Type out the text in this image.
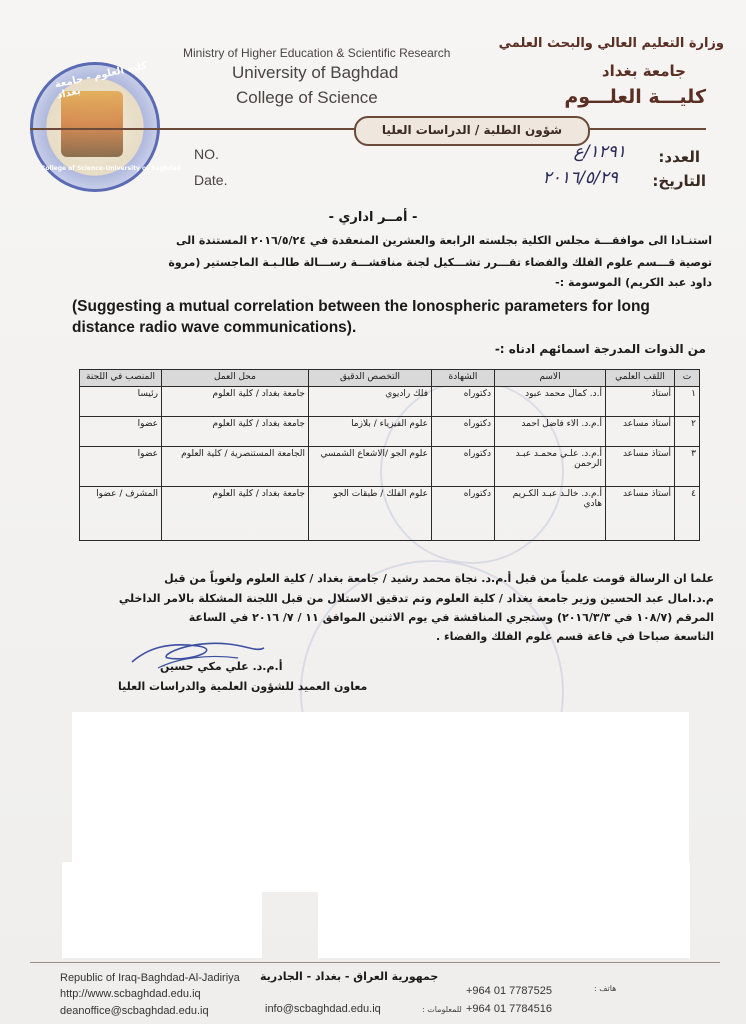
كلية العلوم - جامعة بغداد
College of Science-University of Baghdad
Ministry of Higher Education & Scientific Research
University of Baghdad
College of Science
وزارة التعليم العالي والبحث العلمي
جامعة بغداد
كليـــة العلـــوم
شؤون الطلبة / الدراسات العليا
NO.
Date.
العدد:
١٢٩١/ع
التاريخ:
٢٠١٦/٥/٢٩
- أمــر اداري -
استنـادا الى موافقـــة مجلس الكلية بجلسته الرابعة والعشرين المنعقدة في ٢٠١٦/٥/٢٤ المستندة الى
توصية قـــسم علوم الفلك والفضاء تقـــرر تشـــكيل لجنة مناقشـــة رســـالة طالـبـة الماجستير (مروة
داود عبد الكريم) الموسومة :-
(Suggesting a mutual correlation between the Ionospheric parameters for long distance radio wave communications).
من الذوات المدرجة اسمائهم ادناه :-
ت	اللقب العلمي	الاسم	الشهادة	التخصص الدقيق	محل العمل	المنصب في اللجنة
١	أستاذ	أ.د. كمال محمد عبود	دكتوراه	فلك راديوي	جامعة بغداد / كلية العلوم	رئيسا
٢	أستاذ مساعد	أ.م.د. الاء فاضل احمد	دكتوراه	علوم الفيزياء / بلازما	جامعة بغداد / كلية العلوم	عضوا
٣	أستاذ مساعد	أ.م.د. علـي محمـد عبـد الرحمن	دكتوراه	علوم الجو /الاشعاع الشمسي	الجامعة المستنصرية / كلية العلوم	عضوا
٤	أستاذ مساعد	أ.م.د. خالـد عبـد الكـريم هادي	دكتوراه	علوم الفلك / طبقات الجو	جامعة بغداد / كلية العلوم	المشرف / عضوا
علما ان الرسالة قومت علمياً من قبل أ.م.د. نجاة محمد رشيد / جامعة بغداد / كلية العلوم ولغوياً من قبل
م.د.امال عبد الحسين وزير جامعة بغداد / كلية العلوم وتم تدقيق الاستلال من قبل اللجنة المشكلة بالامر الداخلي
المرقم (١٠٨/٧ في ٢٠١٦/٣/٣) وستجري المناقشة في يوم الاثنين الموافق ١١ / ٧/ ٢٠١٦ في الساعة
التاسعة صباحا في قاعة قسم علوم الفلك والفضاء .
أ.م.د. علي مكي حسين
معاون العميد للشؤون العلمية والدراسات العليا
Republic of Iraq-Baghdad-Al-Jadiriya
http://www.scbaghdad.edu.iq
deanoffice@scbaghdad.edu.iq
جمهورية العراق - بغداد - الجادرية
info@scbaghdad.edu.iq	للمعلومات :
هاتف :
+964 01 7787525
+964 01 7784516
